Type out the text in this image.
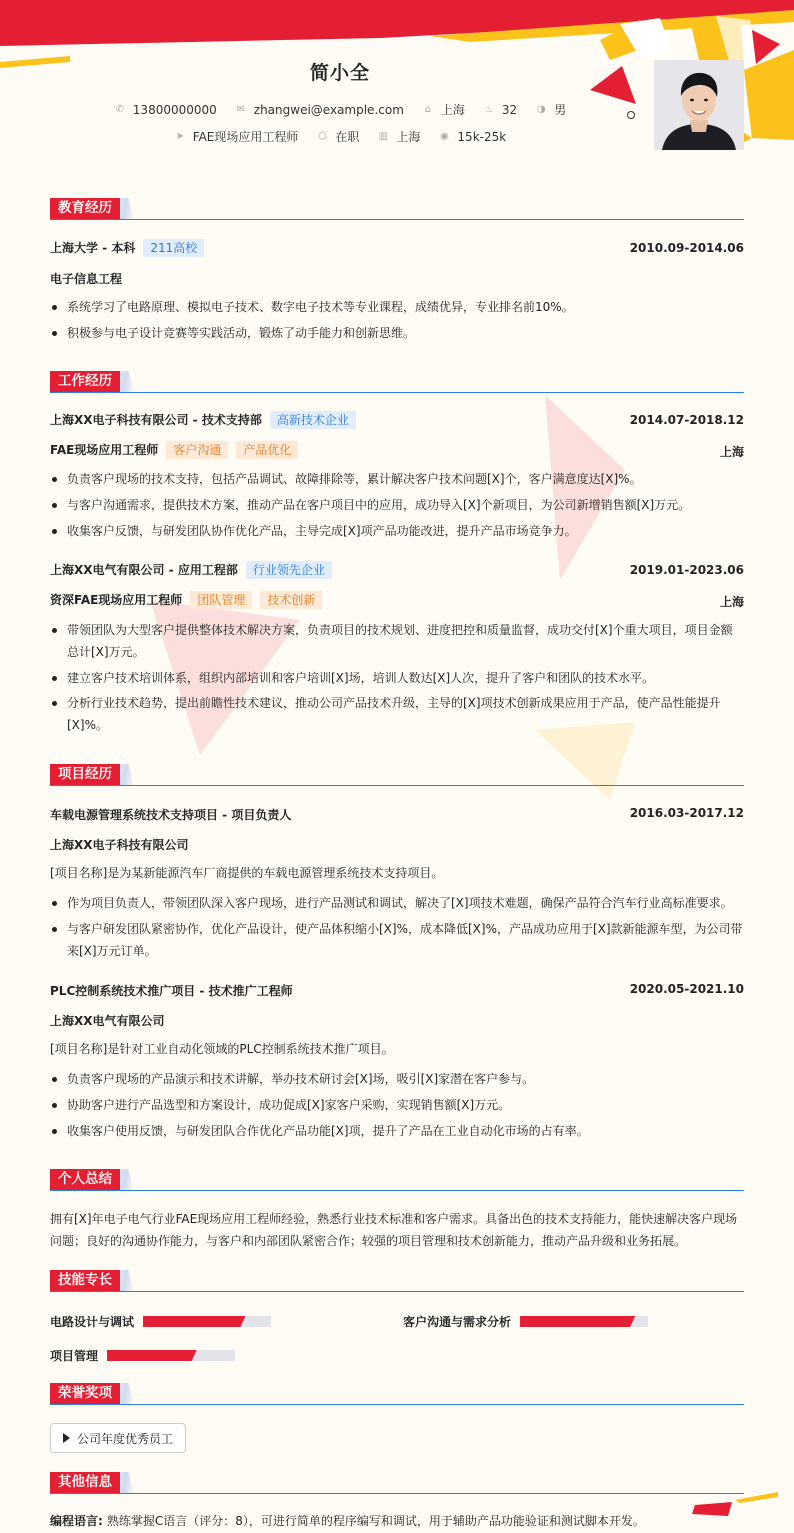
简小全
✆ 13800000000 ✉ zhangwei@example.com ⌂ 上海 ♨ 32 ◑ 男
➤ FAE现场应用工程师 ⬡ 在职 ▥ 上海 ◉ 15k-25k
教育经历
上海大学 - 本科 211高校	2010.09-2014.06
电子信息工程
系统学习了电路原理、模拟电子技术、数字电子技术等专业课程，成绩优异，专业排名前10%。
积极参与电子设计竞赛等实践活动，锻炼了动手能力和创新思维。
工作经历
上海XX电子科技有限公司 - 技术支持部 高新技术企业	2014.07-2018.12
FAE现场应用工程师 客户沟通 产品优化	上海
负责客户现场的技术支持，包括产品调试、故障排除等，累计解决客户技术问题[X]个，客户满意度达[X]%。
与客户沟通需求，提供技术方案，推动产品在客户项目中的应用，成功导入[X]个新项目，为公司新增销售额[X]万元。
收集客户反馈，与研发团队协作优化产品，主导完成[X]项产品功能改进，提升产品市场竞争力。
上海XX电气有限公司 - 应用工程部 行业领先企业	2019.01-2023.06
资深FAE现场应用工程师 团队管理 技术创新	上海
带领团队为大型客户提供整体技术解决方案，负责项目的技术规划、进度把控和质量监督，成功交付[X]个重大项目，项目金额总计[X]万元。
建立客户技术培训体系，组织内部培训和客户培训[X]场，培训人数达[X]人次，提升了客户和团队的技术水平。
分析行业技术趋势，提出前瞻性技术建议，推动公司产品技术升级，主导的[X]项技术创新成果应用于产品，使产品性能提升[X]%。
项目经历
车载电源管理系统技术支持项目 - 项目负责人	2016.03-2017.12
上海XX电子科技有限公司
[项目名称]是为某新能源汽车厂商提供的车载电源管理系统技术支持项目。
作为项目负责人，带领团队深入客户现场，进行产品测试和调试，解决了[X]项技术难题，确保产品符合汽车行业高标准要求。
与客户研发团队紧密协作，优化产品设计，使产品体积缩小[X]%，成本降低[X]%，产品成功应用于[X]款新能源车型，为公司带来[X]万元订单。
PLC控制系统技术推广项目 - 技术推广工程师	2020.05-2021.10
上海XX电气有限公司
[项目名称]是针对工业自动化领域的PLC控制系统技术推广项目。
负责客户现场的产品演示和技术讲解，举办技术研讨会[X]场，吸引[X]家潜在客户参与。
协助客户进行产品选型和方案设计，成功促成[X]家客户采购，实现销售额[X]万元。
收集客户使用反馈，与研发团队合作优化产品功能[X]项，提升了产品在工业自动化市场的占有率。
个人总结
拥有[X]年电子电气行业FAE现场应用工程师经验，熟悉行业技术标准和客户需求。具备出色的技术支持能力，能快速解决客户现场问题；良好的沟通协作能力，与客户和内部团队紧密合作；较强的项目管理和技术创新能力，推动产品升级和业务拓展。
技能专长
电路设计与调试	客户沟通与需求分析
项目管理
荣誉奖项
公司年度优秀员工
其他信息
编程语言: 熟练掌握C语言（评分：8），可进行简单的程序编写和调试，用于辅助产品功能验证和测试脚本开发。
